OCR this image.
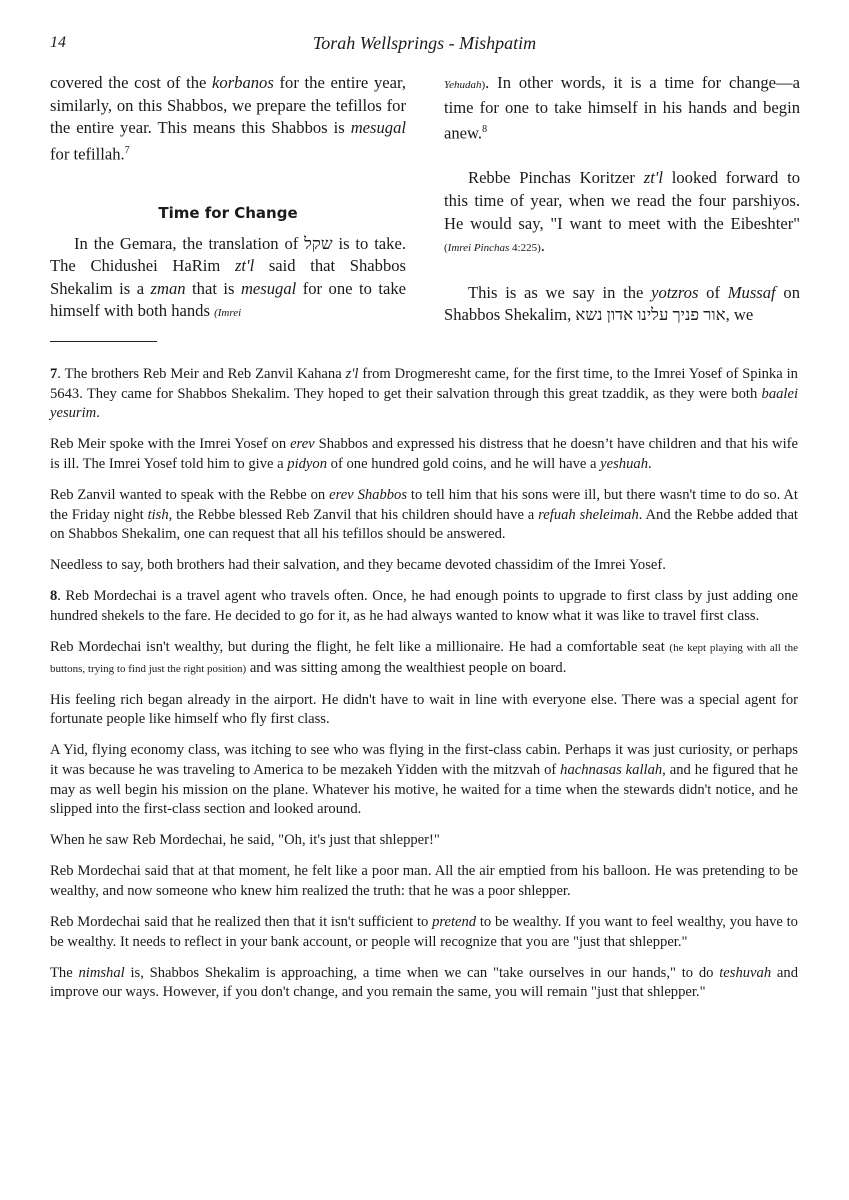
14	Torah Wellsprings - Mishpatim

covered the cost of the korbanos for the entire year, similarly, on this Shabbos, we prepare the tefillos for the entire year. This means this Shabbos is mesugal for tefillah.$^7$

Time for Change

In the Gemara, the translation of שקל is to take. The Chidushei HaRim zt'l said that Shabbos Shekalim is a zman that is mesugal for one to take himself with both hands (Imrei

Yehudah). In other words, it is a time for change—a time for one to take himself in his hands and begin anew.$^8$

Rebbe Pinchas Koritzer zt'l looked forward to this time of year, when we read the four parshiyos. He would say, "I want to meet with the Eibeshter" (Imrei Pinchas 4:225).

This is as we say in the yotzros of Mussaf on Shabbos Shekalim, אור פניך עלינו אדון נשא, we

7. The brothers Reb Meir and Reb Zanvil Kahana z'l from Drogmeresht came, for the first time, to the Imrei Yosef of Spinka in 5643. They came for Shabbos Shekalim. They hoped to get their salvation through this great tzaddik, as they were both baalei yesurim.

Reb Meir spoke with the Imrei Yosef on erev Shabbos and expressed his distress that he doesn’t have children and that his wife is ill. The Imrei Yosef told him to give a pidyon of one hundred gold coins, and he will have a yeshuah.

Reb Zanvil wanted to speak with the Rebbe on erev Shabbos to tell him that his sons were ill, but there wasn't time to do so. At the Friday night tish, the Rebbe blessed Reb Zanvil that his children should have a refuah sheleimah. And the Rebbe added that on Shabbos Shekalim, one can request that all his tefillos should be answered.

Needless to say, both brothers had their salvation, and they became devoted chassidim of the Imrei Yosef.

8. Reb Mordechai is a travel agent who travels often. Once, he had enough points to upgrade to first class by just adding one hundred shekels to the fare. He decided to go for it, as he had always wanted to know what it was like to travel first class.

Reb Mordechai isn't wealthy, but during the flight, he felt like a millionaire. He had a comfortable seat (he kept playing with all the buttons, trying to find just the right position) and was sitting among the wealthiest people on board.

His feeling rich began already in the airport. He didn't have to wait in line with everyone else. There was a special agent for fortunate people like himself who fly first class.

A Yid, flying economy class, was itching to see who was flying in the first-class cabin. Perhaps it was just curiosity, or perhaps it was because he was traveling to America to be mezakeh Yidden with the mitzvah of hachnasas kallah, and he figured that he may as well begin his mission on the plane. Whatever his motive, he waited for a time when the stewards didn't notice, and he slipped into the first-class section and looked around.

When he saw Reb Mordechai, he said, "Oh, it's just that shlepper!"

Reb Mordechai said that at that moment, he felt like a poor man. All the air emptied from his balloon. He was pretending to be wealthy, and now someone who knew him realized the truth: that he was a poor shlepper.

Reb Mordechai said that he realized then that it isn't sufficient to pretend to be wealthy. If you want to feel wealthy, you have to be wealthy. It needs to reflect in your bank account, or people will recognize that you are "just that shlepper."

The nimshal is, Shabbos Shekalim is approaching, a time when we can "take ourselves in our hands," to do teshuvah and improve our ways. However, if you don't change, and you remain the same, you will remain "just that shlepper."
